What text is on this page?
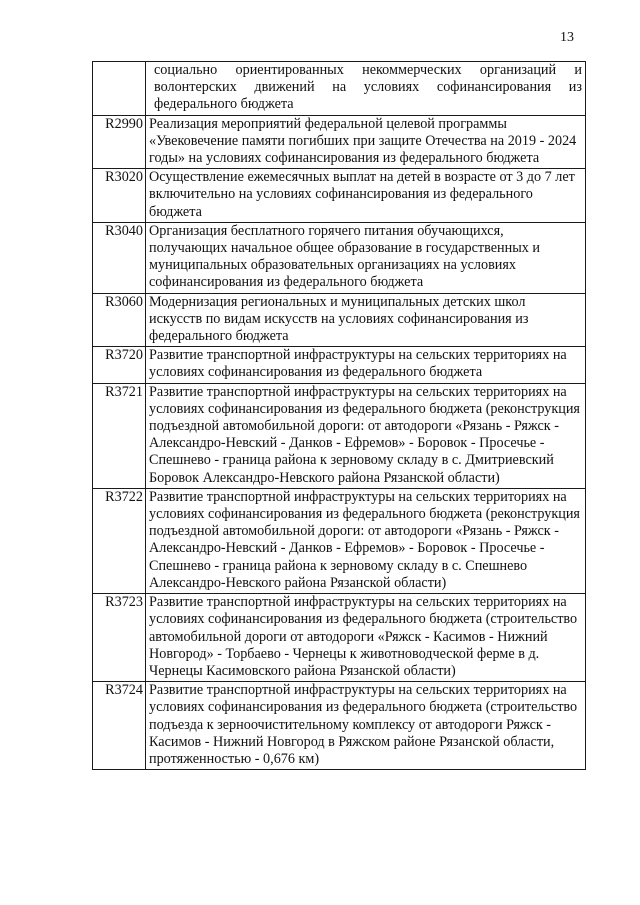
13
	социально ориентированных некоммерческих организаций и волонтерских движений на условиях софинансирования из федерального бюджета
R2990	Реализация мероприятий федеральной целевой программы «Увековечение памяти погибших при защите Отечества на 2019 - 2024 годы» на условиях софинансирования из федерального бюджета
R3020	Осуществление ежемесячных выплат на детей в возрасте от 3 до 7 лет включительно на условиях софинансирования из федерального бюджета
R3040	Организация бесплатного горячего питания обучающихся, получающих начальное общее образование в государственных и муниципальных образовательных организациях на условиях софинансирования из федерального бюджета
R3060	Модернизация региональных и муниципальных детских школ искусств по видам искусств на условиях софинансирования из федерального бюджета
R3720	Развитие транспортной инфраструктуры на сельских территориях на условиях софинансирования из федерального бюджета
R3721	Развитие транспортной инфраструктуры на сельских территориях на условиях софинансирования из федерального бюджета (реконструкция подъездной автомобильной дороги: от автодороги «Рязань - Ряжск - Александро-Невский - Данков - Ефремов» - Боровок - Просечье - Спешнево - граница района к зерновому складу в с. Дмитриевский Боровок Александро-Невского района Рязанской области)
R3722	Развитие транспортной инфраструктуры на сельских территориях на условиях софинансирования из федерального бюджета (реконструкция подъездной автомобильной дороги: от автодороги «Рязань - Ряжск - Александро-Невский - Данков - Ефремов» - Боровок - Просечье - Спешнево - граница района к зерновому складу в с. Спешнево Александро-Невского района Рязанской области)
R3723	Развитие транспортной инфраструктуры на сельских территориях на условиях софинансирования из федерального бюджета (строительство автомобильной дороги от автодороги «Ряжск - Касимов - Нижний Новгород» - Торбаево - Чернецы к животноводческой ферме в д. Чернецы Касимовского района Рязанской области)
R3724	Развитие транспортной инфраструктуры на сельских территориях на условиях софинансирования из федерального бюджета (строительство подъезда к зерноочистительному комплексу от автодороги Ряжск - Касимов - Нижний Новгород в Ряжском районе Рязанской области, протяженностью - 0,676 км)
